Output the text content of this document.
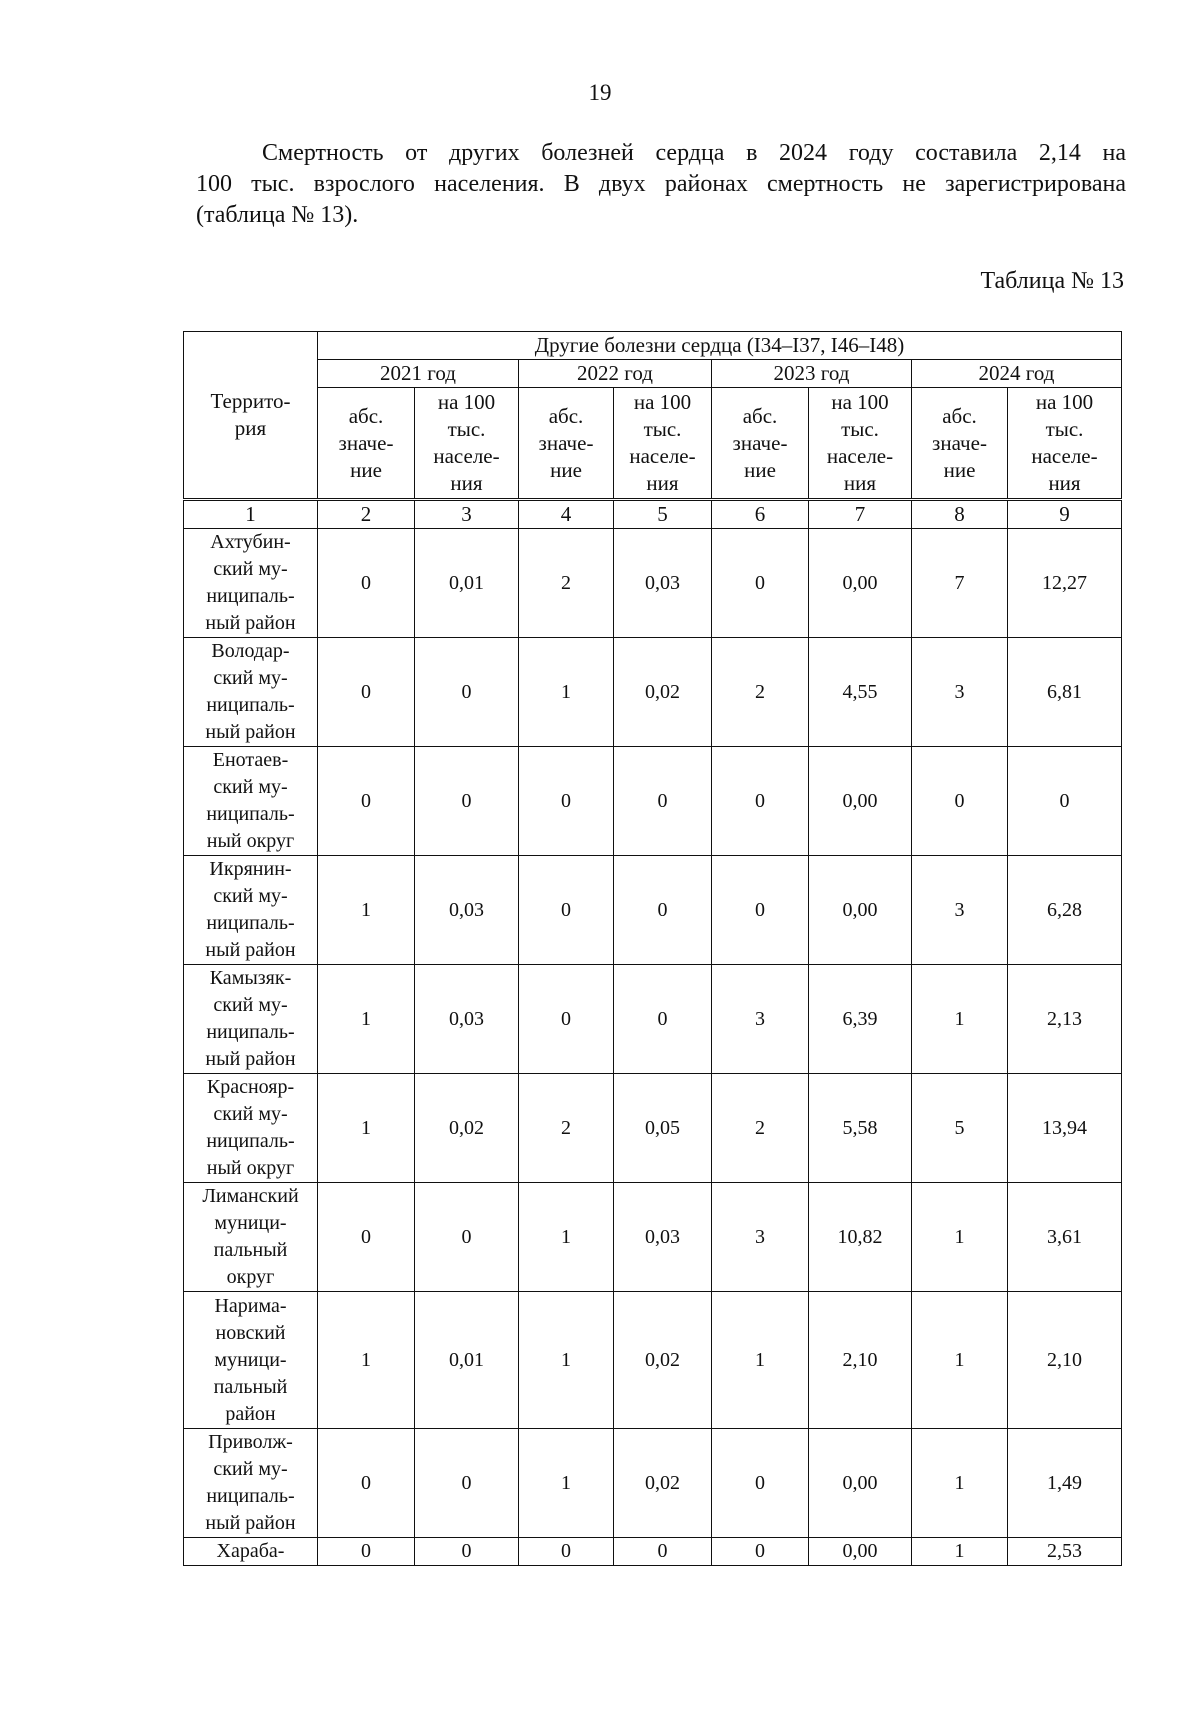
19
Смертность от других болезней сердца в 2024 году составила 2,14 на
100 тыс. взрослого населения. В двух районах смертность не зарегистрирована
(таблица № 13).
Таблица № 13
Террито-
рия	Другие болезни сердца (I34–I37, I46–I48)							
	2021 год		2022 год		2023 год		2024 год	
	абс.
значе-
ние	на 100
тыс.
населе-
ния	абс.
значе-
ние	на 100
тыс.
населе-
ния	абс.
значе-
ние	на 100
тыс.
населе-
ния	абс.
значе-
ние	на 100
тыс.
населе-
ния
1	2	3	4	5	6	7	8	9
Ахтубин-
ский му-
ниципаль-
ный район	0	0,01	2	0,03	0	0,00	7	12,27
Володар-
ский му-
ниципаль-
ный район	0	0	1	0,02	2	4,55	3	6,81
Енотаев-
ский му-
ниципаль-
ный округ	0	0	0	0	0	0,00	0	0
Икрянин-
ский му-
ниципаль-
ный район	1	0,03	0	0	0	0,00	3	6,28
Камызяк-
ский му-
ниципаль-
ный район	1	0,03	0	0	3	6,39	1	2,13
Краснояр-
ский му-
ниципаль-
ный округ	1	0,02	2	0,05	2	5,58	5	13,94
Лиманский
муници-
пальный
округ	0	0	1	0,03	3	10,82	1	3,61
Нарима-
новский
муници-
пальный
район	1	0,01	1	0,02	1	2,10	1	2,10
Приволж-
ский му-
ниципаль-
ный район	0	0	1	0,02	0	0,00	1	1,49
Хараба-	0	0	0	0	0	0,00	1	2,53
